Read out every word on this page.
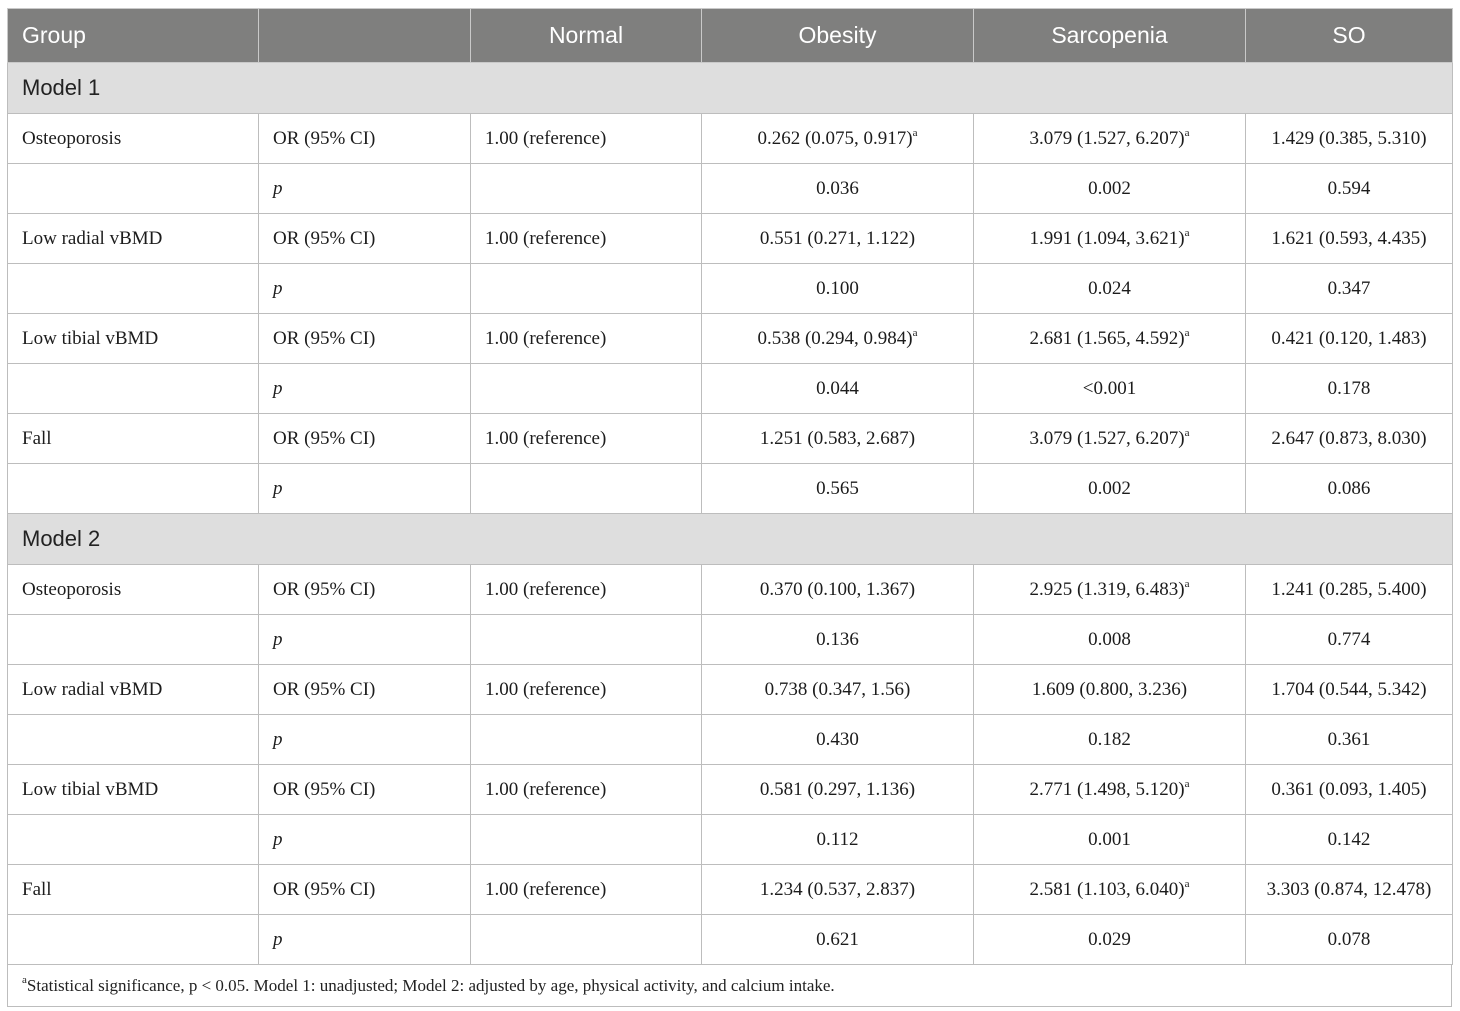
Group		Normal	Obesity	Sarcopenia	SO
Model 1					
Osteoporosis	OR (95% CI)	1.00 (reference)	0.262 (0.075, 0.917)$^a$	3.079 (1.527, 6.207)$^a$	1.429 (0.385, 5.310)
	p		0.036	0.002	0.594
Low radial vBMD	OR (95% CI)	1.00 (reference)	0.551 (0.271, 1.122)	1.991 (1.094, 3.621)$^a$	1.621 (0.593, 4.435)
	p		0.100	0.024	0.347
Low tibial vBMD	OR (95% CI)	1.00 (reference)	0.538 (0.294, 0.984)$^a$	2.681 (1.565, 4.592)$^a$	0.421 (0.120, 1.483)
	p		0.044	<0.001	0.178
Fall	OR (95% CI)	1.00 (reference)	1.251 (0.583, 2.687)	3.079 (1.527, 6.207)$^a$	2.647 (0.873, 8.030)
	p		0.565	0.002	0.086
Model 2					
Osteoporosis	OR (95% CI)	1.00 (reference)	0.370 (0.100, 1.367)	2.925 (1.319, 6.483)$^a$	1.241 (0.285, 5.400)
	p		0.136	0.008	0.774
Low radial vBMD	OR (95% CI)	1.00 (reference)	0.738 (0.347, 1.56)	1.609 (0.800, 3.236)	1.704 (0.544, 5.342)
	p		0.430	0.182	0.361
Low tibial vBMD	OR (95% CI)	1.00 (reference)	0.581 (0.297, 1.136)	2.771 (1.498, 5.120)$^a$	0.361 (0.093, 1.405)
	p		0.112	0.001	0.142
Fall	OR (95% CI)	1.00 (reference)	1.234 (0.537, 2.837)	2.581 (1.103, 6.040)$^a$	3.303 (0.874, 12.478)
	p		0.621	0.029	0.078
$^a$Statistical significance, p < 0.05. Model 1: unadjusted; Model 2: adjusted by age, physical activity, and calcium intake.
